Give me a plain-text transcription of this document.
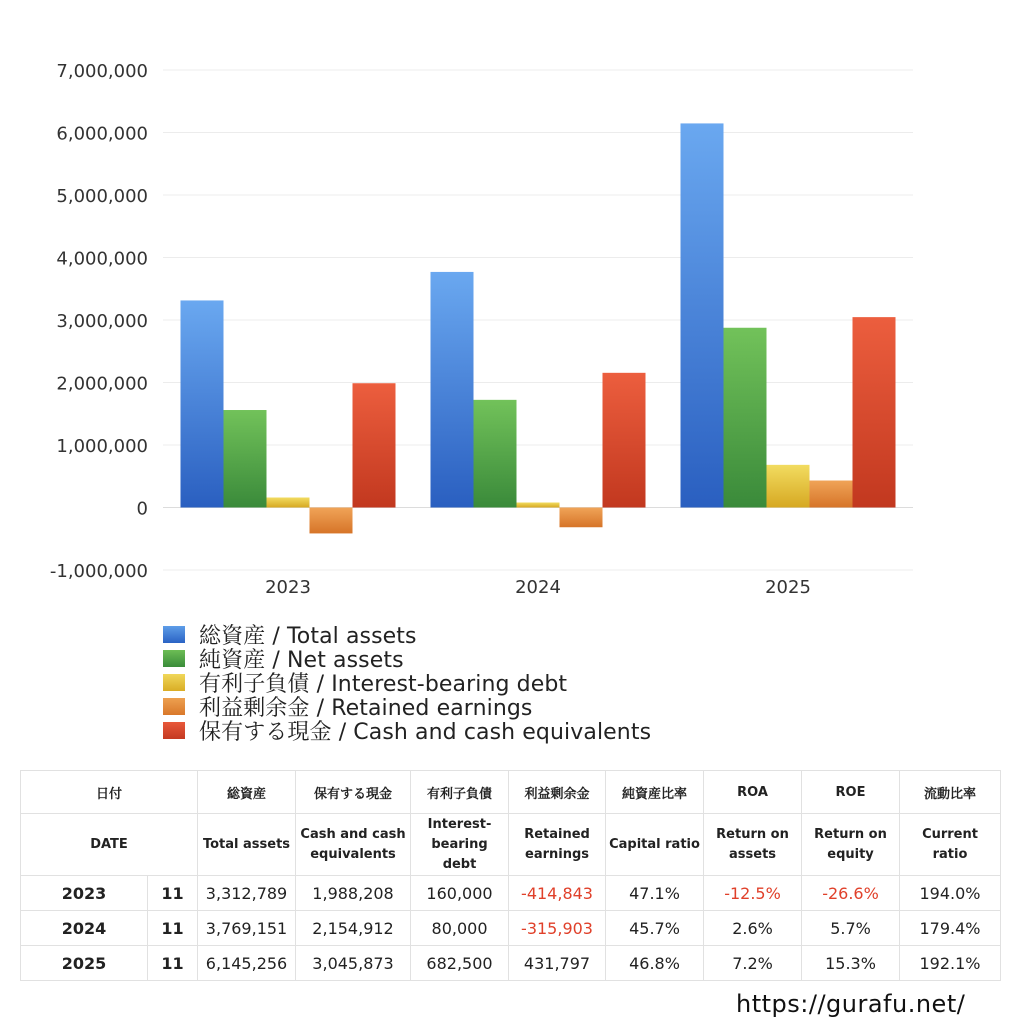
-1,000,000
0
1,000,000
2,000,000
3,000,000
4,000,000
5,000,000
6,000,000
7,000,000
2023	2024	2025
総資産 / Total assets
純資産 / Net assets
有利子負債 / Interest-bearing debt
利益剰余金 / Retained earnings
保有する現金 / Cash and cash equivalents
日付		総資産	保有する現金	有利子負債	利益剰余金	純資産比率	ROA	ROE	流動比率
DATE		Total assets	Cash and cash equivalents	Interest-bearing debt	Retained earnings	Capital ratio	Return on assets	Return on equity	Current ratio
2023	11	3,312,789	1,988,208	160,000	-414,843	47.1%	-12.5%	-26.6%	194.0%
2024	11	3,769,151	2,154,912	80,000	-315,903	45.7%	2.6%	5.7%	179.4%
2025	11	6,145,256	3,045,873	682,500	431,797	46.8%	7.2%	15.3%	192.1%
https://gurafu.net/
